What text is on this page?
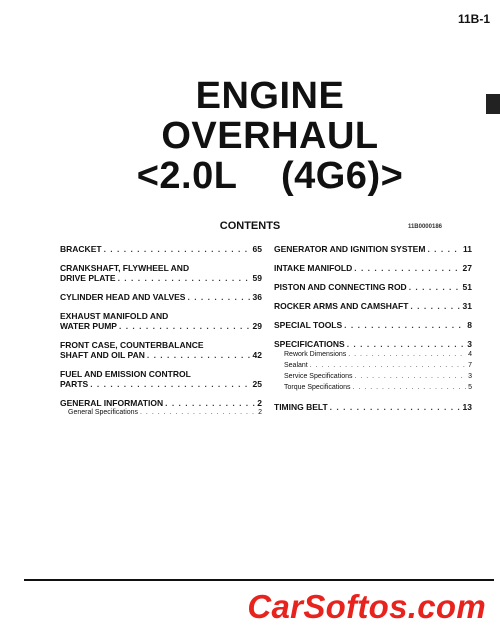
11B-1
ENGINE
OVERHAUL
<2.0L    (4G6)>
CONTENTS	11B0000186
BRACKET . . .	65
CRANKSHAFT, FLYWHEEL AND
DRIVE PLATE . . .	59
CYLINDER HEAD AND VALVES . . .	36
EXHAUST MANIFOLD AND
WATER PUMP . . .	29
FRONT CASE, COUNTERBALANCE
SHAFT AND OIL PAN . . .	42
FUEL AND EMISSION CONTROL
PARTS . . .	25
GENERAL INFORMATION . . .	2
General Specifications . . .	2
GENERATOR AND IGNITION SYSTEM . . .	11
INTAKE MANIFOLD . . .	27
PISTON AND CONNECTING ROD . . .	51
ROCKER ARMS AND CAMSHAFT . . .	31
SPECIAL TOOLS . . .	8
SPECIFICATIONS . . .	3
Rework Dimensions . . .	4
Sealant . . .	7
Service Specifications . . .	3
Torque Specifications . . .	5
TIMING BELT . . .	13
CarSoftos.com
